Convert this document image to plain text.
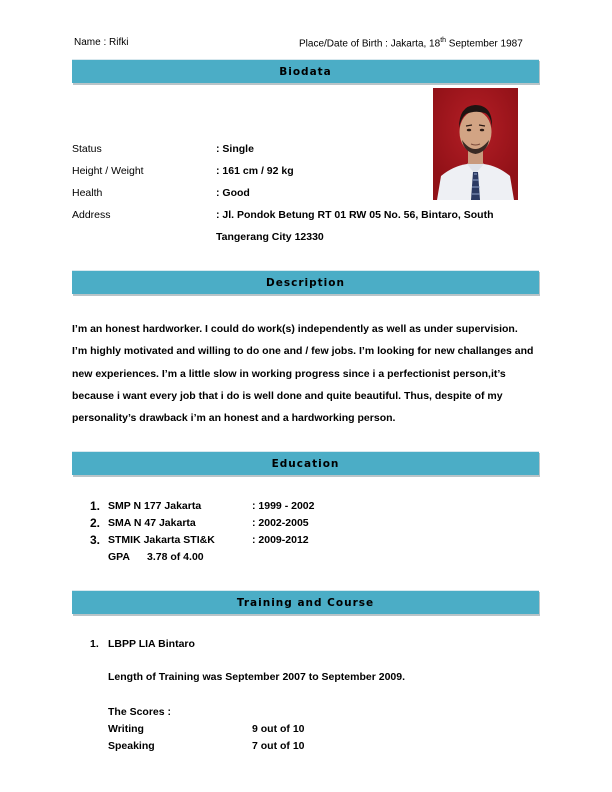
Name : Rifki	Place/Date of Birth : Jakarta, 18th September 1987
Biodata
Status	: Single
Height / Weight	: 161 cm / 92 kg
Health	: Good
Address	: Jl. Pondok Betung RT 01 RW 05 No. 56, Bintaro, South
Tangerang City 12330
Description
I’m an honest hardworker. I could do work(s) independently as well as under supervision.
I’m highly motivated and willing to do one and / few jobs. I’m looking for new challanges and
new experiences. I’m a little slow in working progress since i a perfectionist person,it’s
because i want every job that i do is well done and quite beautiful. Thus, despite of my
personality’s drawback i’m an honest and a hardworking person.
Education
1. SMP N 177 Jakarta	: 1999 - 2002
2. SMA N 47 Jakarta	: 2002-2005
3. STMIK Jakarta STI&K	: 2009-2012
GPA 3.78 of 4.00
Training and Course
1. LBPP LIA Bintaro
Length of Training was September 2007 to September 2009.
The Scores :
Writing	9 out of 10
Speaking	7 out of 10
